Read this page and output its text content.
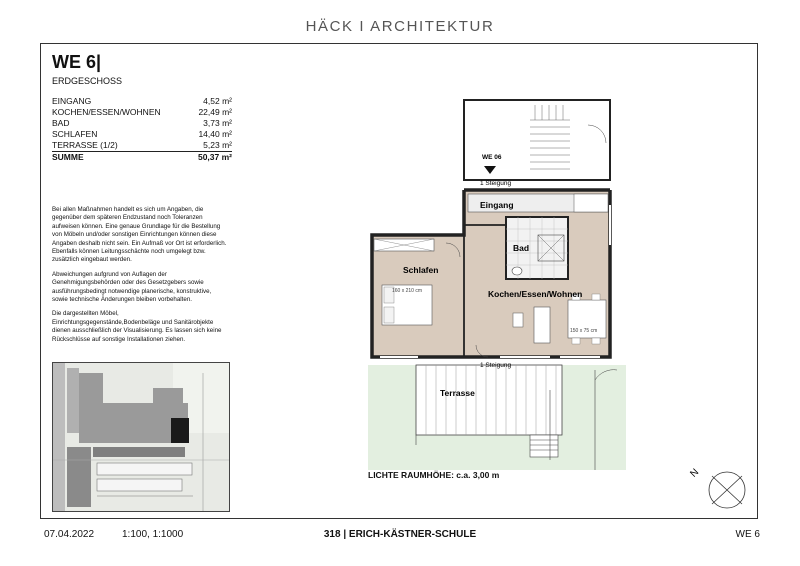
HÄCK I ARCHITEKTUR
WE 6|
ERDGESCHOSS
EINGANG	4,52 m²
KOCHEN/ESSEN/WOHNEN	22,49 m²
BAD	3,73 m²
SCHLAFEN	14,40 m²
TERRASSE (1/2)	5,23 m²
SUMME	50,37 m²

Bei allen Maßnahmen handelt es sich um Angaben, die gegenüber dem späteren Endzustand noch Toleranzen aufweisen können. Eine genaue Grundlage für die Bestellung von Möbeln und/oder sonstigen Einrichtungen können diese Angaben deshalb nicht sein. Ein Aufmaß vor Ort ist erforderlich. Ebenfalls können Leitungsschächte noch umgelegt bzw. zusätzlich eingebaut werden.

Abweichungen aufgrund von Auflagen der Genehmigungsbehörden oder des Gesetzgebers sowie ausführungsbedingt notwendige planerische, konstruktive, sowie technische Änderungen bleiben vorbehalten.

Die dargestellten Möbel, Einrichtungsgegenstände,Bodenbeläge und Sanitärobjekte dienen ausschließlich der Visualisierung. Es lassen sich keine Rückschlüsse auf sonstige Installationen ziehen.

WE 06
1 Steigung
Eingang
Bad
Schlafen
Kochen/Essen/Wohnen
160 x 210 cm
150 x 75 cm
1 Steigung
Terrasse
LICHTE RAUMHÖHE: c.a. 3,00 m	N
07.04.2022	1:100, 1:1000	318 | ERICH-KÄSTNER-SCHULE	WE 6
